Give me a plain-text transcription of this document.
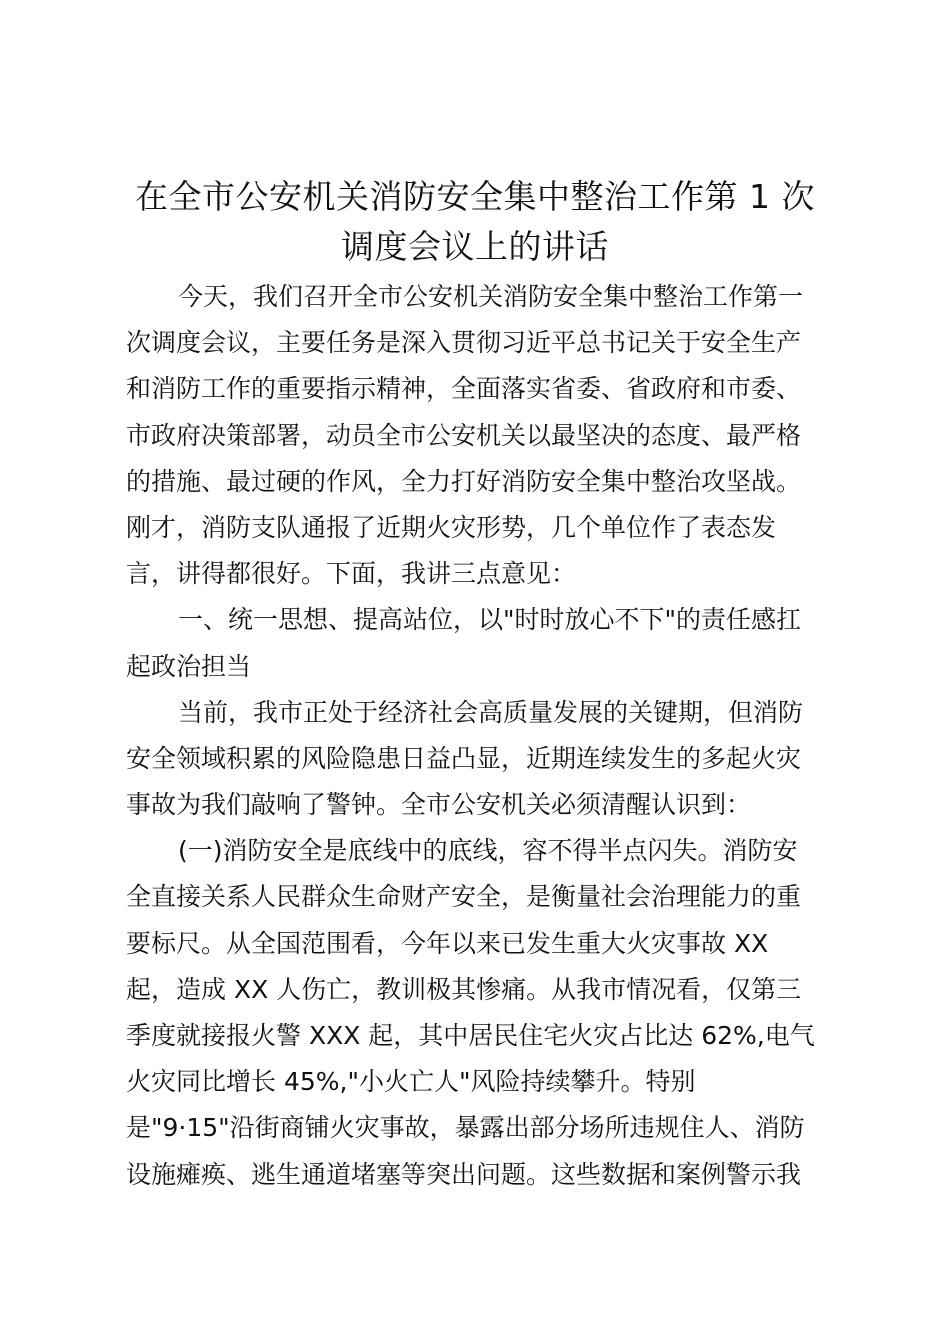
在全市公安机关消防安全集中整治工作第 1 次
调度会议上的讲话
今天，我们召开全市公安机关消防安全集中整治工作第一
次调度会议，主要任务是深入贯彻习近平总书记关于安全生产
和消防工作的重要指示精神，全面落实省委、省政府和市委、
市政府决策部署，动员全市公安机关以最坚决的态度、最严格
的措施、最过硬的作风，全力打好消防安全集中整治攻坚战。
刚才，消防支队通报了近期火灾形势，几个单位作了表态发
言，讲得都很好。下面，我讲三点意见：
一、统一思想、提高站位，以"时时放心不下"的责任感扛
起政治担当
当前，我市正处于经济社会高质量发展的关键期，但消防
安全领域积累的风险隐患日益凸显，近期连续发生的多起火灾
事故为我们敲响了警钟。全市公安机关必须清醒认识到：
(一)消防安全是底线中的底线，容不得半点闪失。消防安
全直接关系人民群众生命财产安全，是衡量社会治理能力的重
要标尺。从全国范围看，今年以来已发生重大火灾事故 XX
起，造成 XX 人伤亡，教训极其惨痛。从我市情况看，仅第三
季度就接报火警 XXX 起，其中居民住宅火灾占比达 62%,电气
火灾同比增长 45%,"小火亡人"风险持续攀升。特别
是"9·15"沿街商铺火灾事故，暴露出部分场所违规住人、消防
设施瘫痪、逃生通道堵塞等突出问题。这些数据和案例警示我
